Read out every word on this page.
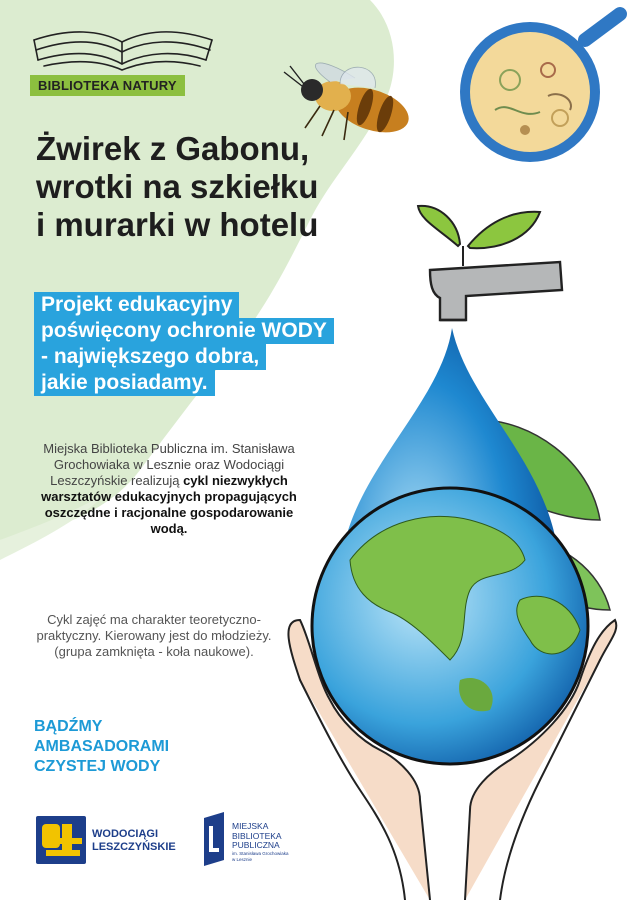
BIBLIOTEKA NATURY
Żwirek z Gabonu,
wrotki na szkiełku
i murarki w hotelu
Projekt edukacyjny
poświęcony ochronie WODY
- największego dobra,
jakie posiadamy.
Miejska Biblioteka Publiczna im. Stanisława Grochowiaka w Lesznie oraz Wodociągi Leszczyńskie realizują cykl niezwykłych warsztatów edukacyjnych propagujących oszczędne i racjonalne gospodarowanie wodą.
Cykl zajęć ma charakter teoretyczno-praktyczny. Kierowany jest do młodzieży. (grupa zamknięta - koła naukowe).
BĄDŹMY
AMBASADORAMI
CZYSTEJ WODY
WODOCIĄGI
LESZCZYŃSKIE
MIEJSKA
BIBLIOTEKA
PUBLICZNA
im. Stanisława Grochowiaka
w Lesznie
